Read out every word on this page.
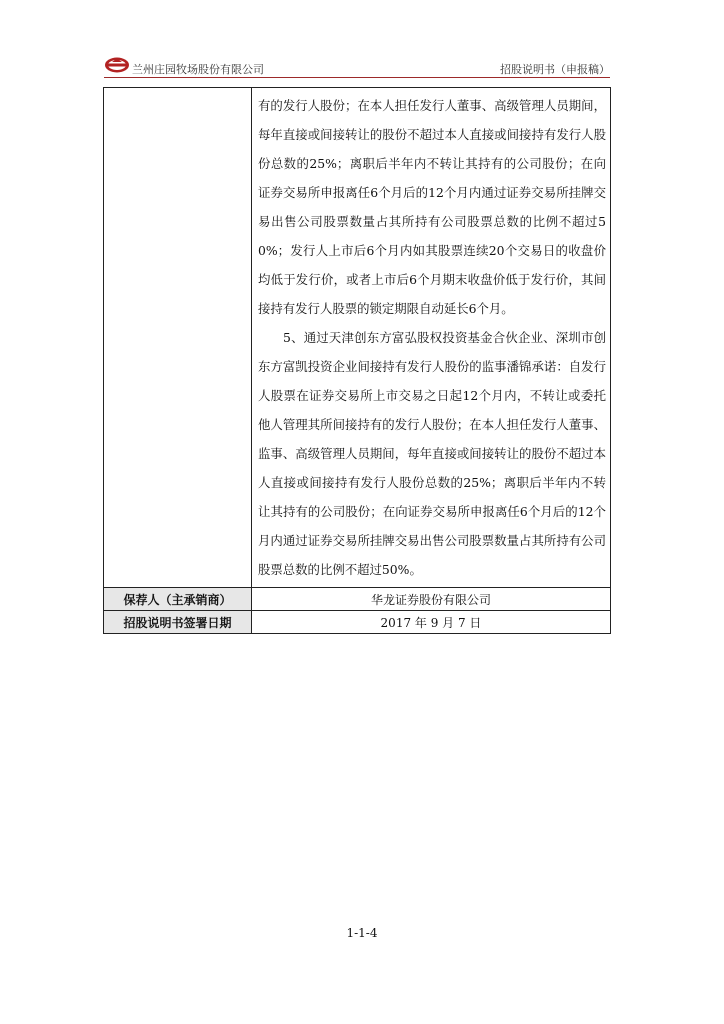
兰州庄园牧场股份有限公司	招股说明书（申报稿）

	有的发行人股份；在本人担任发行人董事、高级管理人员期间，每年直接或间接转让的股份不超过本人直接或间接持有发行人股份总数的25%；离职后半年内不转让其持有的公司股份；在向证券交易所申报离任6个月后的12个月内通过证券交易所挂牌交易出售公司股票数量占其所持有公司股票总数的比例不超过50%；发行人上市后6个月内如其股票连续20个交易日的收盘价均低于发行价，或者上市后6个月期末收盘价低于发行价，其间接持有发行人股票的锁定期限自动延长6个月。
5、通过天津创东方富弘股权投资基金合伙企业、深圳市创东方富凯投资企业间接持有发行人股份的监事潘锦承诺：自发行人股票在证券交易所上市交易之日起12个月内，不转让或委托他人管理其所间接持有的发行人股份；在本人担任发行人董事、监事、高级管理人员期间，每年直接或间接转让的股份不超过本人直接或间接持有发行人股份总数的25%；离职后半年内不转让其持有的公司股份；在向证券交易所申报离任6个月后的12个月内通过证券交易所挂牌交易出售公司股票数量占其所持有公司股票总数的比例不超过50%。

保荐人（主承销商）	华龙证券股份有限公司
招股说明书签署日期	2017 年 9 月 7 日
1-1-4
